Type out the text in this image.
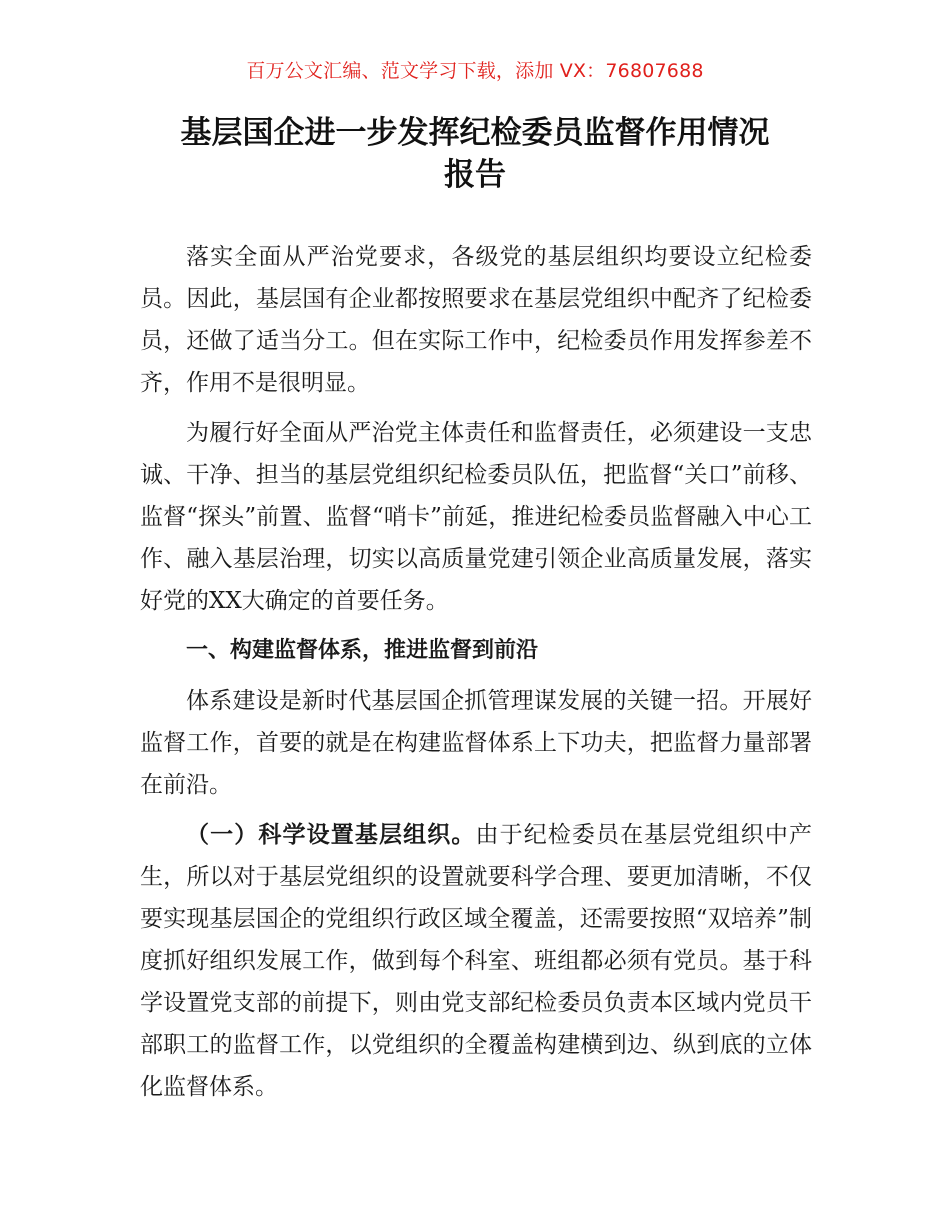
百万公文汇编、范文学习下载，添加 VX：76807688
基层国企进一步发挥纪检委员监督作用情况
报告

落实全面从严治党要求，各级党的基层组织均要设立纪检委员。因此，基层国有企业都按照要求在基层党组织中配齐了纪检委员，还做了适当分工。但在实际工作中，纪检委员作用发挥参差不齐，作用不是很明显。

为履行好全面从严治党主体责任和监督责任，必须建设一支忠诚、干净、担当的基层党组织纪检委员队伍，把监督“关口”前移、监督“探头”前置、监督“哨卡”前延，推进纪检委员监督融入中心工作、融入基层治理，切实以高质量党建引领企业高质量发展，落实好党的XX大确定的首要任务。

一、构建监督体系，推进监督到前沿

体系建设是新时代基层国企抓管理谋发展的关键一招。开展好监督工作，首要的就是在构建监督体系上下功夫，把监督力量部署在前沿。

（一）科学设置基层组织。由于纪检委员在基层党组织中产生，所以对于基层党组织的设置就要科学合理、要更加清晰，不仅要实现基层国企的党组织行政区域全覆盖，还需要按照“双培养”制度抓好组织发展工作，做到每个科室、班组都必须有党员。基于科学设置党支部的前提下，则由党支部纪检委员负责本区域内党员干部职工的监督工作，以党组织的全覆盖构建横到边、纵到底的立体化监督体系。
